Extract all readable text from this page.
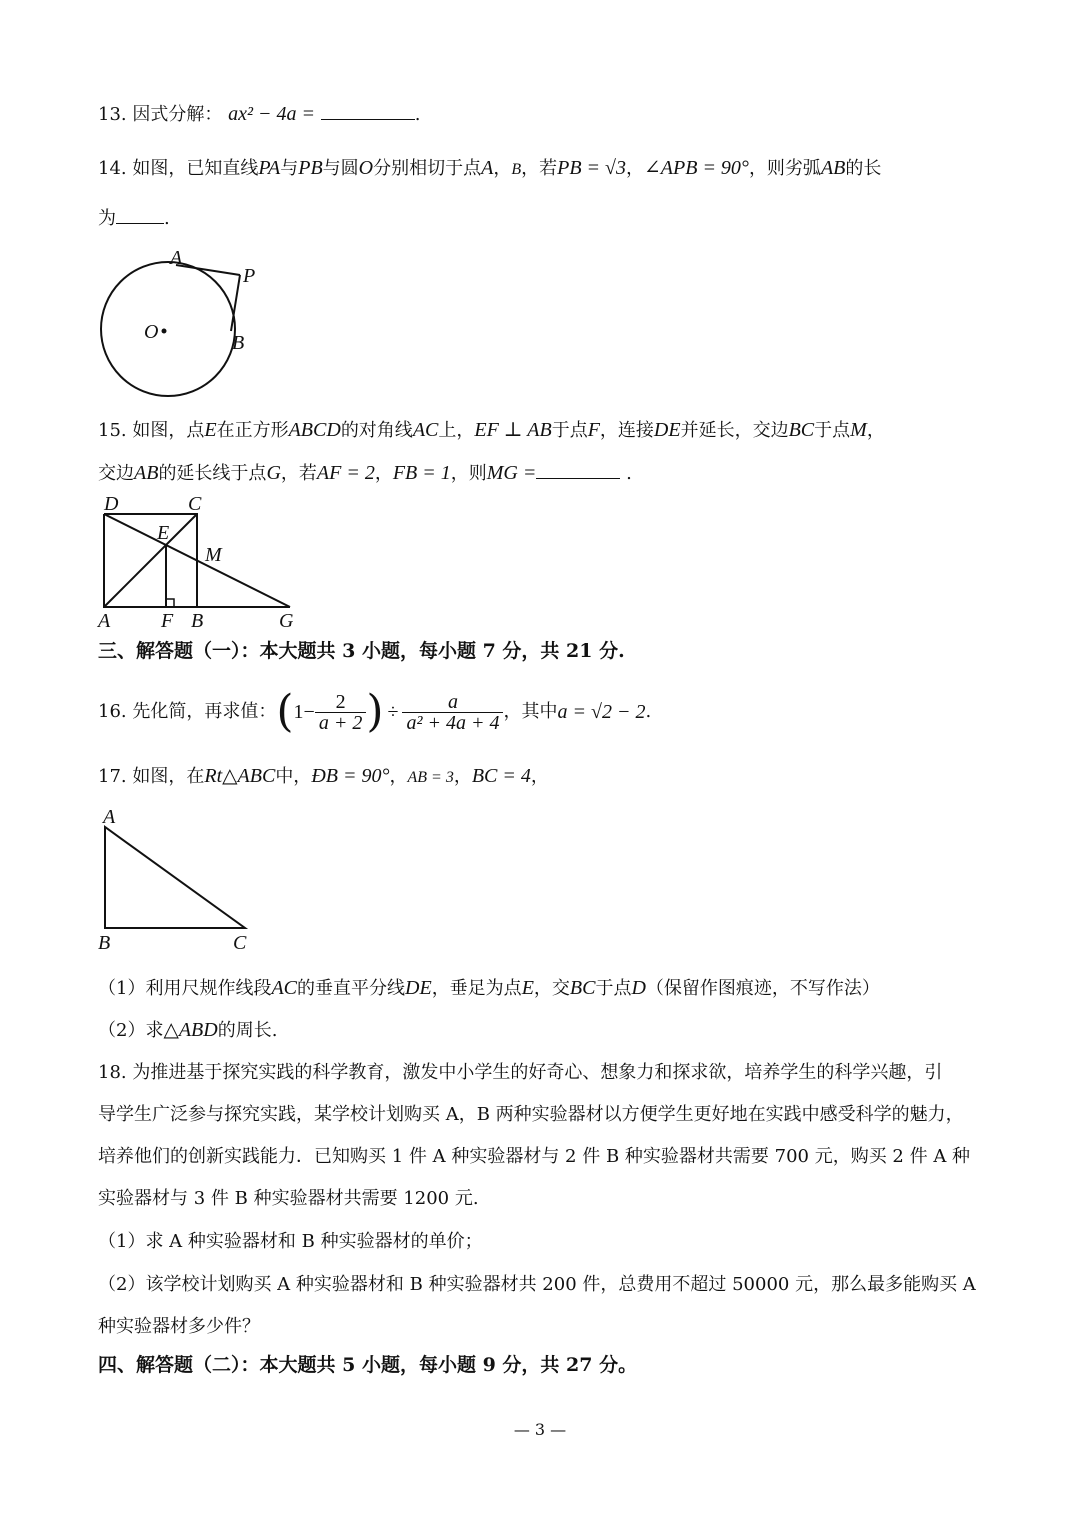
13. 因式分解： ax² − 4a =	.
14. 如图，已知直线PA与PB与圆O分别相切于点A，B，若PB = √3，∠APB = 90°，则劣弧AB的长
为	.
A
P
O	B
15. 如图，点E在正方形ABCD的对角线AC上，EF ⊥ AB于点F，连接DE并延长，交边BC于点M，
交边AB的延长线于点G，若AF = 2，FB = 1，则MG =	.
D	C
E
M
A	F B	G
三、解答题（一）：本大题共 3 小题，每小题 7 分，共 21 分.
16.
先化简，再求值： ( $1- \frac{2}{a + 2}$ ) ÷ $\frac{a}{\text{a² + 4a + 4}}$ ，其中 a = √2 − 2 .
17. 如图，在Rt△ABC中，ÐB = 90°，AB = 3，BC = 4，
A
B	C
（1）利用尺规作线段AC的垂直平分线DE，垂足为点E，交BC于点D（保留作图痕迹，不写作法）
（2）求△ABD的周长.
18. 为推进基于探究实践的科学教育，激发中小学生的好奇心、想象力和探求欲，培养学生的科学兴趣，引
导学生广泛参与探究实践，某学校计划购买 A，B 两种实验器材以方便学生更好地在实践中感受科学的魅力，
培养他们的创新实践能力．已知购买 1 件 A 种实验器材与 2 件 B 种实验器材共需要 700 元，购买 2 件 A 种
实验器材与 3 件 B 种实验器材共需要 1200 元.
（1）求 A 种实验器材和 B 种实验器材的单价；
（2）该学校计划购买 A 种实验器材和 B 种实验器材共 200 件，总费用不超过 50000 元，那么最多能购买 A
种实验器材多少件？
四、解答题（二）：本大题共 5 小题，每小题 9 分，共 27 分。
— 3 —
